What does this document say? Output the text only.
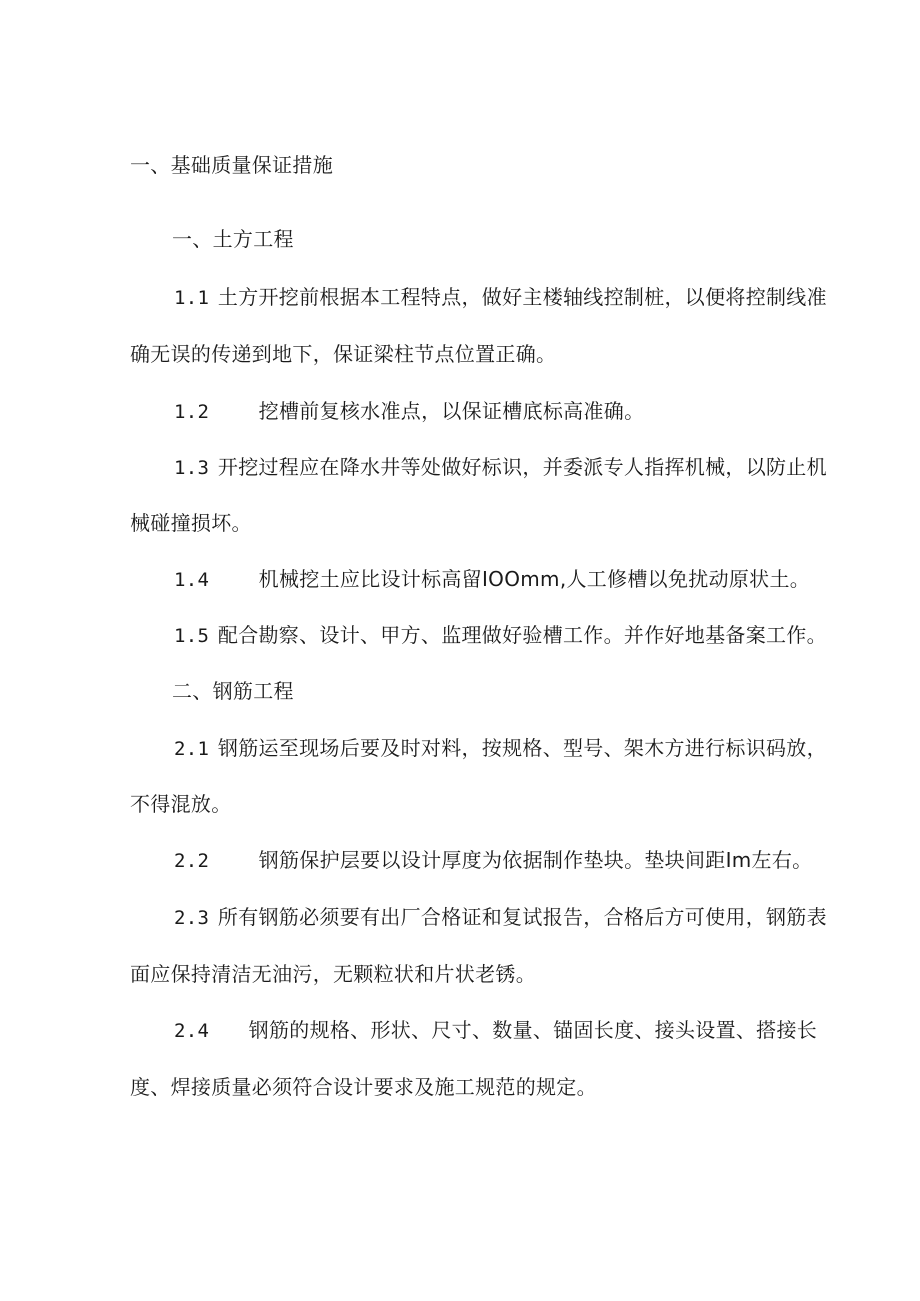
一、基础质量保证措施
一、土方工程
1.1 土方开挖前根据本工程特点，做好主楼轴线控制桩，以便将控制线准
确无误的传递到地下，保证梁柱节点位置正确。
1.2 挖槽前复核水准点，以保证槽底标高准确。
1.3 开挖过程应在降水井等处做好标识，并委派专人指挥机械，以防止机
械碰撞损坏。
1.4 机械挖土应比设计标高留IOOmm,人工修槽以免扰动原状土。
1.5 配合勘察、设计、甲方、监理做好验槽工作。并作好地基备案工作。
二、钢筋工程
2.1 钢筋运至现场后要及时对料，按规格、型号、架木方进行标识码放，
不得混放。
2.2 钢筋保护层要以设计厚度为依据制作垫块。垫块间距Im左右。
2.3 所有钢筋必须要有出厂合格证和复试报告，合格后方可使用，钢筋表
面应保持清洁无油污，无颗粒状和片状老锈。
2.4 钢筋的规格、形状、尺寸、数量、锚固长度、接头设置、搭接长
度、焊接质量必须符合设计要求及施工规范的规定。
